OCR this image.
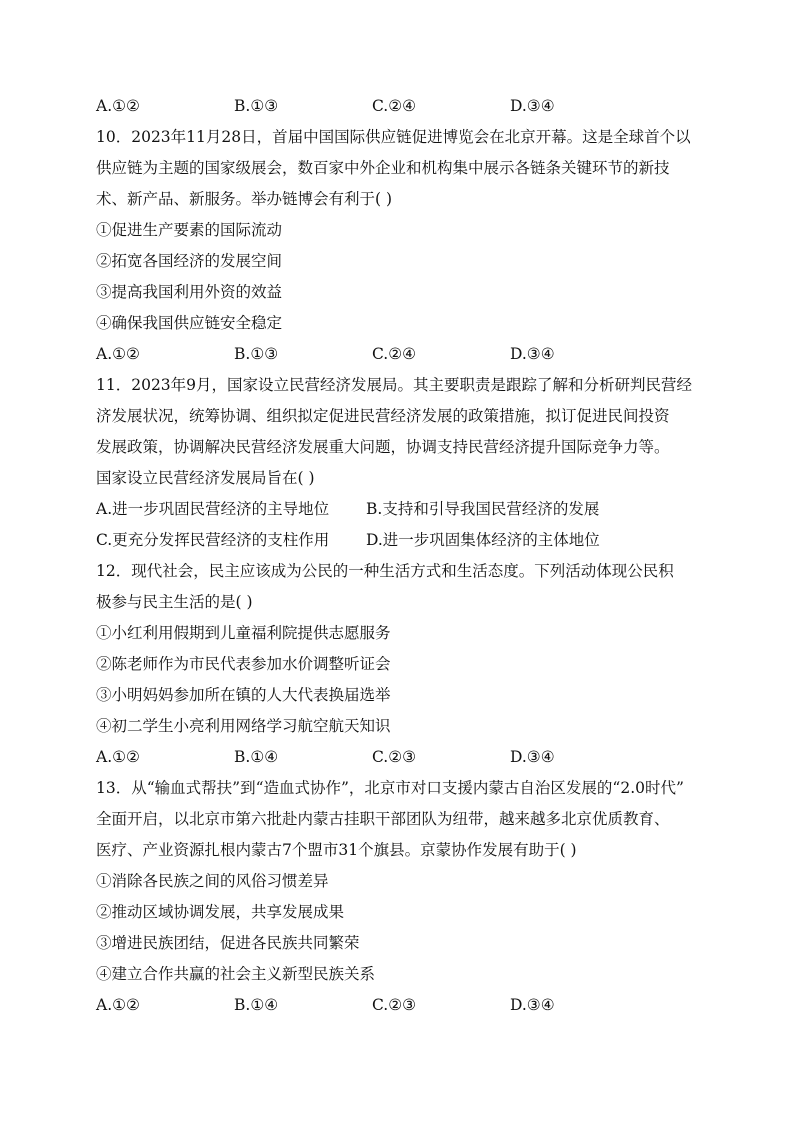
A.①②	B.①③	C.②④	D.③④
10．2023年11月28日，首届中国国际供应链促进博览会在北京开幕。这是全球首个以
供应链为主题的国家级展会，数百家中外企业和机构集中展示各链条关键环节的新技
术、新产品、新服务。举办链博会有利于( )
①促进生产要素的国际流动
②拓宽各国经济的发展空间
③提高我国利用外资的效益
④确保我国供应链安全稳定
A.①②	B.①③	C.②④	D.③④
11．2023年9月，国家设立民营经济发展局。其主要职责是跟踪了解和分析研判民营经
济发展状况，统筹协调、组织拟定促进民营经济发展的政策措施，拟订促进民间投资
发展政策，协调解决民营经济发展重大问题，协调支持民营经济提升国际竞争力等。
国家设立民营经济发展局旨在( )
A.进一步巩固民营经济的主导地位	B.支持和引导我国民营经济的发展
C.更充分发挥民营经济的支柱作用	D.进一步巩固集体经济的主体地位
12．现代社会，民主应该成为公民的一种生活方式和生活态度。下列活动体现公民积
极参与民主生活的是( )
①小红利用假期到儿童福利院提供志愿服务
②陈老师作为市民代表参加水价调整听证会
③小明妈妈参加所在镇的人大代表换届选举
④初二学生小亮利用网络学习航空航天知识
A.①②	B.①④	C.②③	D.③④
13．从“输血式帮扶”到“造血式协作”，北京市对口支援内蒙古自治区发展的“2.0时代”
全面开启，以北京市第六批赴内蒙古挂职干部团队为纽带，越来越多北京优质教育、
医疗、产业资源扎根内蒙古7个盟市31个旗县。京蒙协作发展有助于( )
①消除各民族之间的风俗习惯差异
②推动区域协调发展，共享发展成果
③增进民族团结，促进各民族共同繁荣
④建立合作共赢的社会主义新型民族关系
A.①②	B.①④	C.②③	D.③④
